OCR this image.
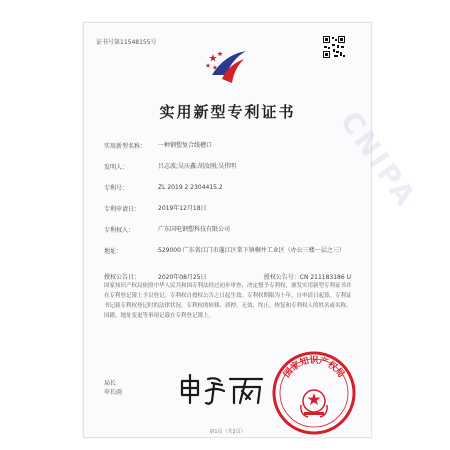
CNIPA
证书号第11548155号
实用新型专利证书
实用新型名称：	一种钢塑复合线槽口
发明人：	吕志波;吴庆鑫;胡汝刚;吴伟明
专利号：	ZL 2019 2 2304415.2
专利申请日：	2019年12月18日
专利权人：	广东国电钢塑科技有限公司
地址：	529000 广东省江门市蓬江区棠下镇桐井工业区（办公三楼一层之三）
授权公告日：	2020年08月25日	授权公告号：CN 211183186 U
国家知识产权局依照中华人民共和国专利法经过初步审查，决定授予专利权，颁发实用新型专利证书并在专利登记簿上予以登记。专利权自授权公告之日起生效。专利权期限为十年，自申请日起算。专利证书记载专利权登记时的法律状况。专利权的转移、质押、无效、终止、恢复和专利权人的姓名或名称、国籍、地址变更等事项记载在专利登记簿上。
局长
申长雨
国家知识产权局
第1页（共2页）
